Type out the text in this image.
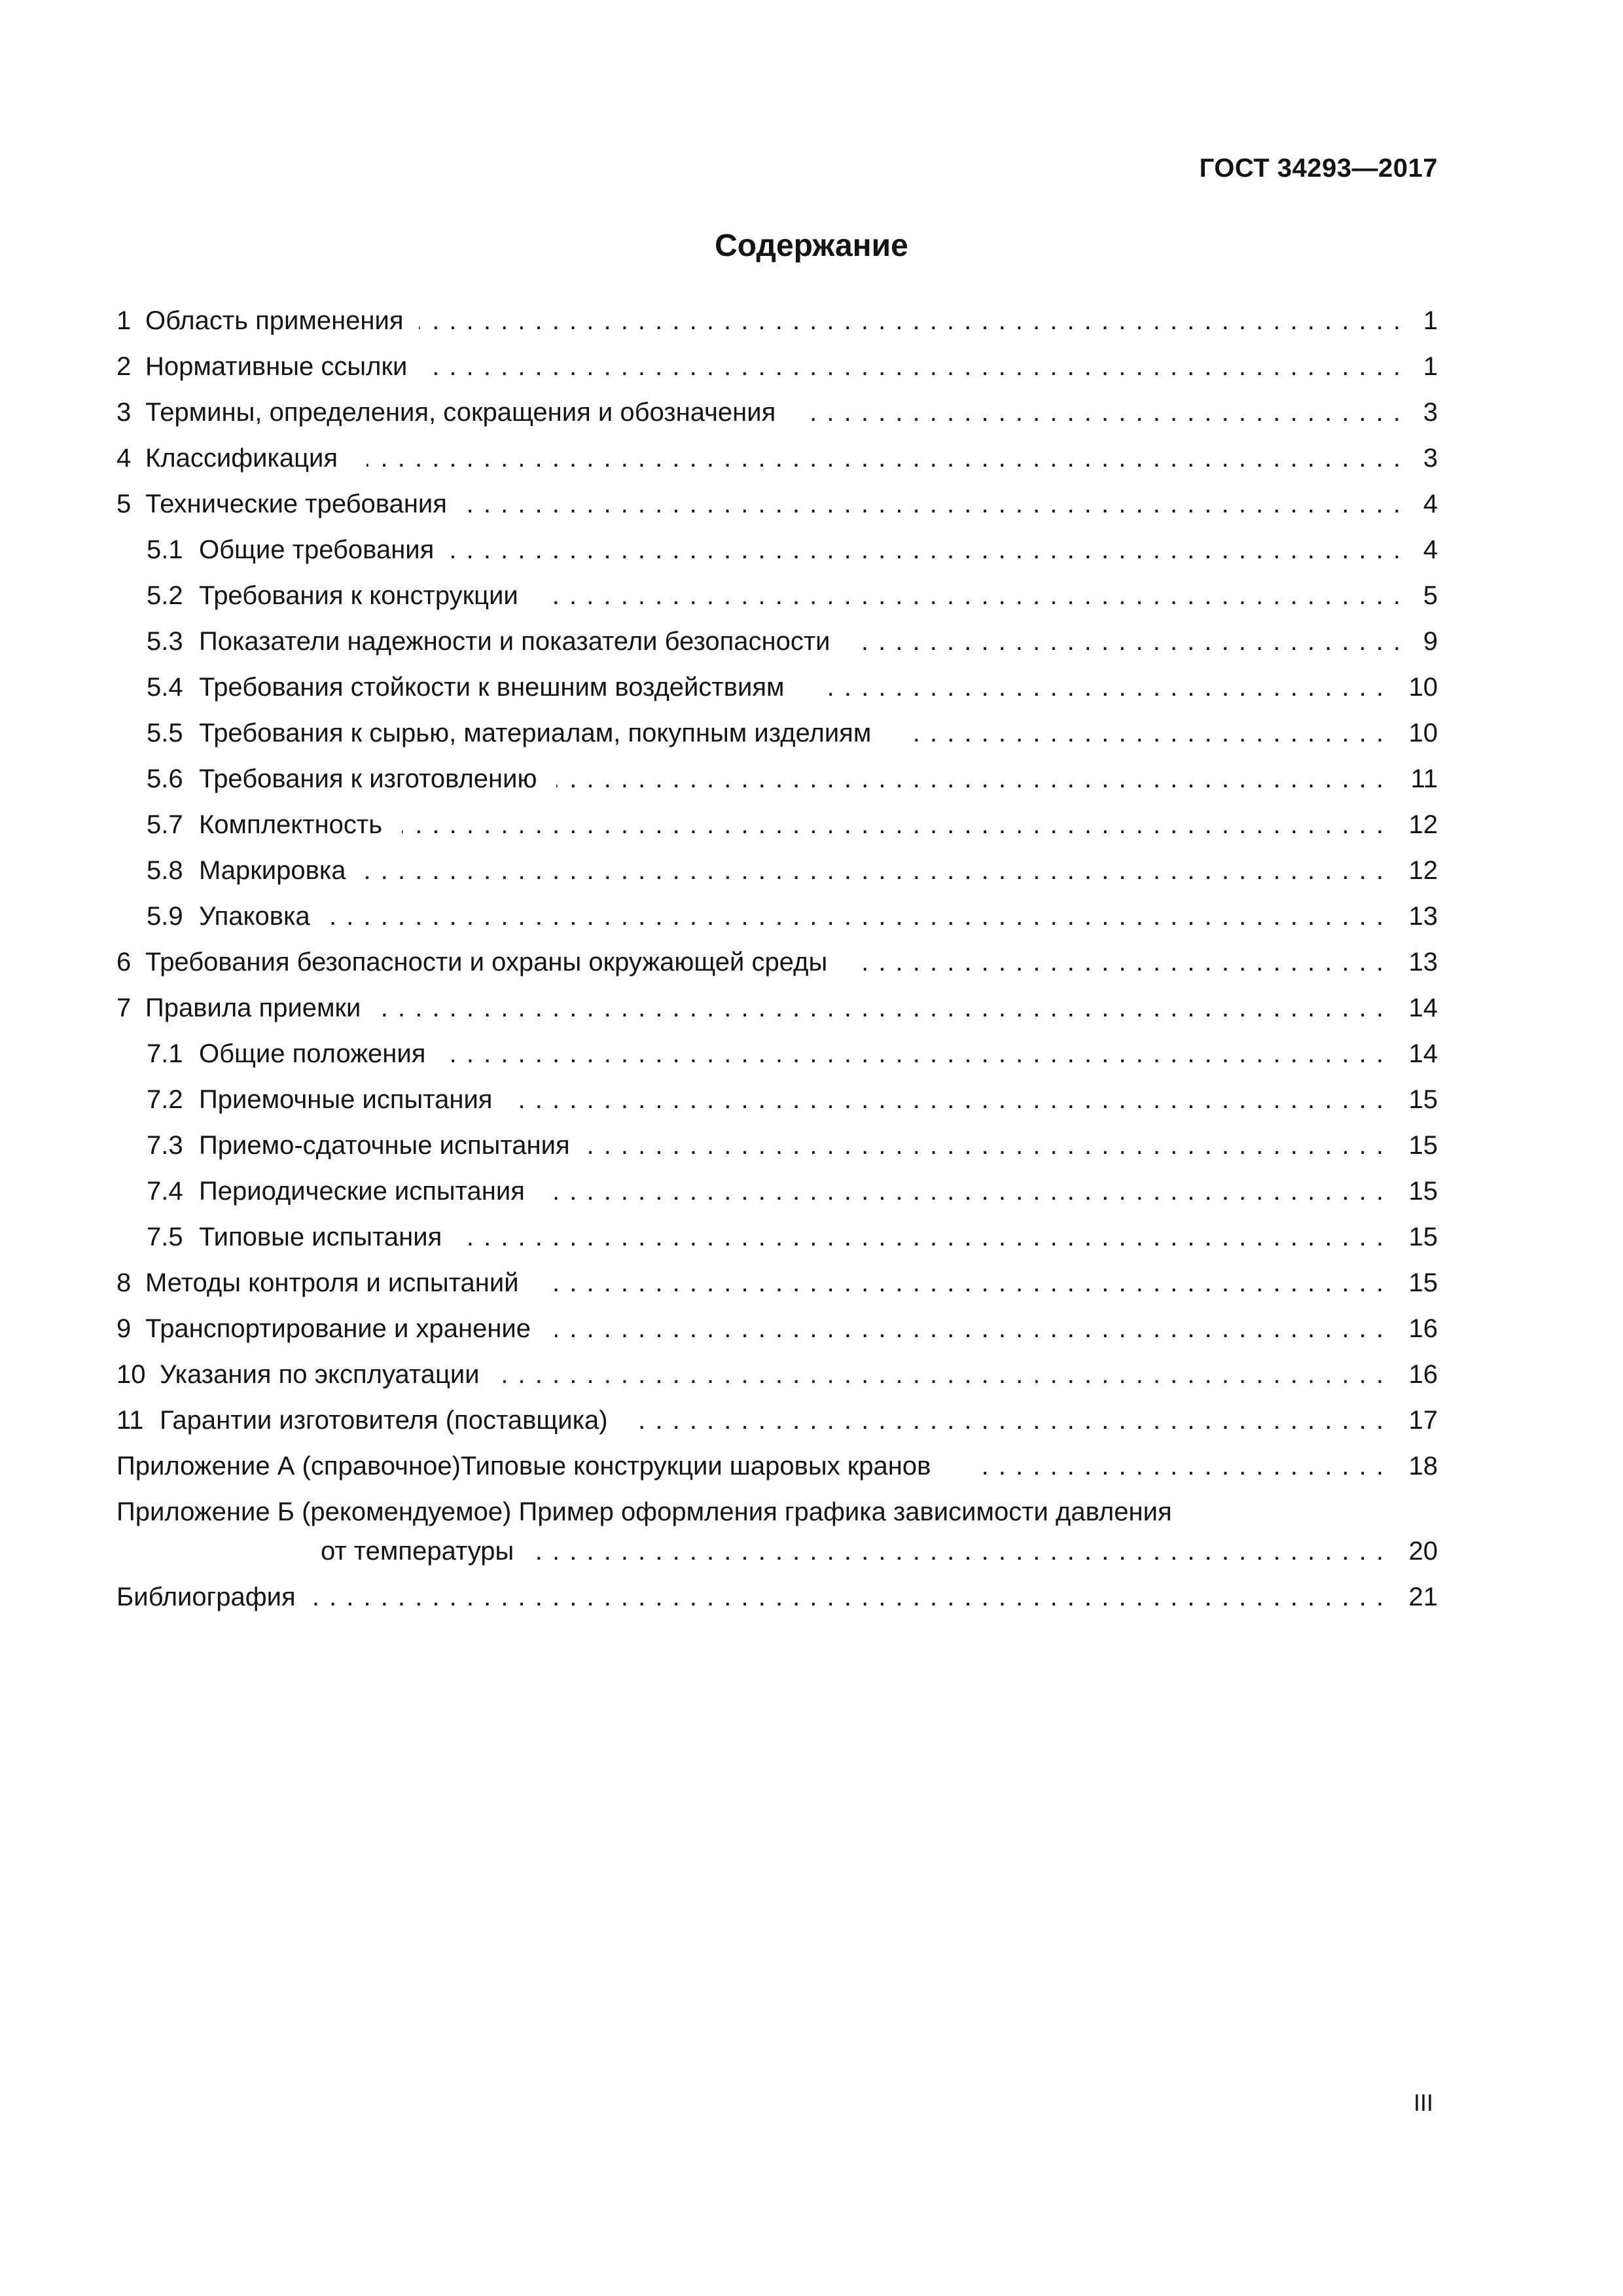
ГОСТ 34293—2017
Содержание
1 Область применения . . .	1
2 Нормативные ссылки . . .	1
3 Термины, определения, сокращения и обозначения . . .	3
4 Классификация . . .	3
5 Технические требования . . .	4
5.1 Общие требования . . .	4
5.2 Требования к конструкции . . .	5
5.3 Показатели надежности и показатели безопасности . . .	9
5.4 Требования стойкости к внешним воздействиям . . .	10
5.5 Требования к сырью, материалам, покупным изделиям . . .	10
5.6 Требования к изготовлению . . .	11
5.7 Комплектность . . .	12
5.8 Маркировка . . .	12
5.9 Упаковка . . .	13
6 Требования безопасности и охраны окружающей среды . . .	13
7 Правила приемки . . .	14
7.1 Общие положения . . .	14
7.2 Приемочные испытания . . .	15
7.3 Приемо-сдаточные испытания . . .	15
7.4 Периодические испытания . . .	15
7.5 Типовые испытания . . .	15
8 Методы контроля и испытаний . . .	15
9 Транспортирование и хранение . . .	16
10 Указания по эксплуатации . . .	16
11 Гарантии изготовителя (поставщика) . . .	17
Приложение А (справочное)Типовые конструкции шаровых кранов . . .	18
Приложение Б (рекомендуемое) Пример оформления графика зависимости давления
от температуры . . .	20
Библиография . . .	21
III
